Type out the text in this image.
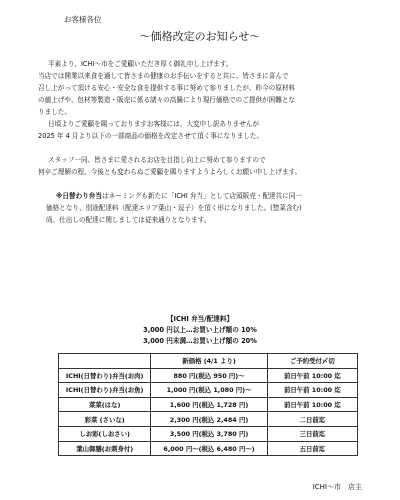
お客様各位
～価格改定のお知らせ～

平素より、ICHI～市をご愛顧いただき厚く御礼申し上げます。

当店では開業以来食を通して皆さまの健康のお手伝いをすると共に、皆さまに喜んで

召し上がって頂ける安心・安全な食を提供する事に努めて参りましたが、昨今の原材料

の値上げや、包材等製造・販売に係る諸々の高騰により現行価格でのご提供が困難とな

りました。

日頃よりご愛顧を賜っておりますお客様には、大変申し訳ありませんが

2025 年 4 月より以下の一部商品の価格を改定させて頂く事になりました。

スタッフ一同、皆さまに愛されるお店を目指し向上に努めて参りますので

何卒ご理解の程、今後とも変わらぬご愛顧を賜りますようよろしくお願い申し上げます。

※日替わり弁当はネーミングも新たに「ICHI 弁当」として店頭販売・配達共に同一

価格となり、別途配達料（配達エリア葉山・逗子）を頂く形になりました。(惣菜含む)

尚、仕出しの配達に関しましては従来通りとなります。

【ICHI 弁当/配達料】
3,000 円以上…お買い上げ額の 10%
3,000 円未満…お買い上げ額の 20%
	新価格 (4/1 より)	ご予約受付〆切
ICHI(日替わり)弁当(お肉)	880 円(税込 950 円)～	前日午前 10:00 迄
ICHI(日替わり)弁当(お魚)	1,000 円(税込 1,080 円)～	前日午前 10:00 迄
菜菜(はな)	1,600 円(税込 1,728 円)	前日午前 10:00 迄
彩菜 (さいな)	2,300 円(税込 2,484 円)	二日前迄
しお彩(しおさい)	3,500 円(税込 3,780 円)	三日前迄
葉山御膳(お刺身付)	6,000 円～(税込 6,480 円～)	五日前迄
ICHI～市　店主
